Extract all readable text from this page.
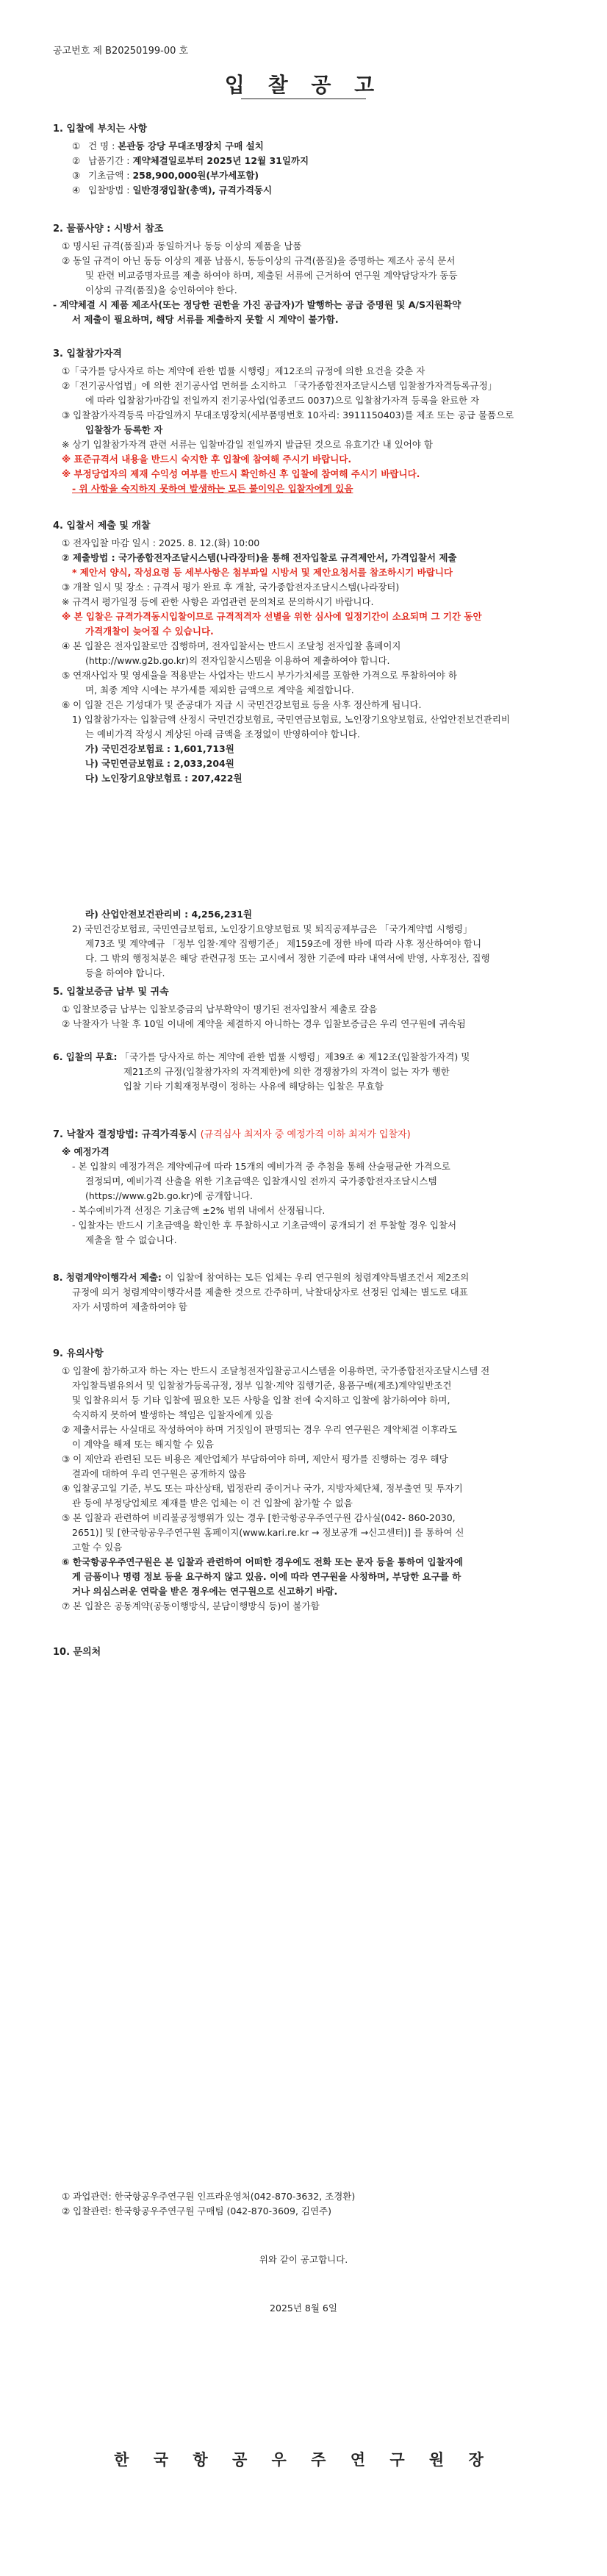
공고번호 제 B20250199-00 호
입 찰 공 고
1. 입찰에 부치는 사항
① 건 명 : 본관동 강당 무대조명장치 구매 설치
② 납품기간 : 계약체결일로부터 2025년 12월 31일까지
③ 기초금액 : 258,900,000원(부가세포함)
④ 입찰방법 : 일반경쟁입찰(총액), 규격가격동시
2. 물품사양 : 시방서 참조
① 명시된 규격(품질)과 동일하거나 동등 이상의 제품을 납품
② 동일 규격이 아닌 동등 이상의 제품 납품시, 동등이상의 규격(품질)을 증명하는 제조사 공식 문서
및 관련 비교증명자료를 제출 하여야 하며, 제출된 서류에 근거하여 연구원 계약담당자가 동등
이상의 규격(품질)을 승인하여야 한다.
- 계약체결 시 제품 제조사(또는 정당한 권한을 가진 공급자)가 발행하는 공급 증명원 및 A/S지원확약
서 제출이 필요하며, 해당 서류를 제출하지 못할 시 계약이 불가함.
3. 입찰참가자격
①「국가를 당사자로 하는 계약에 관한 법률 시행령」제12조의 규정에 의한 요건을 갖춘 자
②「전기공사업법」에 의한 전기공사업 면허를 소지하고 「국가종합전자조달시스템 입찰참가자격등록규정」
에 따라 입찰참가마감일 전일까지 전기공사업(업종코드 0037)으로 입찰참가자격 등록을 완료한 자
③ 입찰참가자격등록 마감일까지 무대조명장치(세부품명번호 10자리: 3911150403)를 제조 또는 공급 물품으로
입찰참가 등록한 자
※ 상기 입찰참가자격 관련 서류는 입찰마감일 전일까지 발급된 것으로 유효기간 내 있어야 함
※ 표준규격서 내용을 반드시 숙지한 후 입찰에 참여해 주시기 바랍니다.
※ 부정당업자의 제재 수익성 여부를 반드시 확인하신 후 입찰에 참여해 주시기 바랍니다.
- 위 사항을 숙지하지 못하여 발생하는 모든 불이익은 입찰자에게 있음
4. 입찰서 제출 및 개찰
① 전자입찰 마감 일시 : 2025. 8. 12.(화) 10:00
② 제출방법 : 국가종합전자조달시스템(나라장터)을 통해 전자입찰로 규격제안서, 가격입찰서 제출
* 제안서 양식, 작성요령 등 세부사항은 첨부파일 시방서 및 제안요청서를 참조하시기 바랍니다
③ 개찰 일시 및 장소 : 규격서 평가 완료 후 개찰, 국가종합전자조달시스템(나라장터)
※ 규격서 평가일정 등에 관한 사항은 과업관련 문의처로 문의하시기 바랍니다.
※ 본 입찰은 규격가격동시입찰이므로 규격적격자 선별을 위한 심사에 일정기간이 소요되며 그 기간 동안
가격개찰이 늦어질 수 있습니다.
④ 본 입찰은 전자입찰로만 집행하며, 전자입찰서는 반드시 조달청 전자입찰 홈페이지
(http://www.g2b.go.kr)의 전자입찰시스템을 이용하여 제출하여야 합니다.
⑤ 연재사업자 및 영세율을 적용받는 사업자는 반드시 부가가치세를 포함한 가격으로 투찰하여야 하
며, 최종 계약 시에는 부가세를 제외한 금액으로 계약을 체결합니다.
⑥ 이 입찰 건은 기성대가 및 준공대가 지급 시 국민건강보험료 등을 사후 정산하게 됩니다.
1) 입찰참가자는 입찰금액 산정시 국민건강보험료, 국민연금보험료, 노인장기요양보험료, 산업안전보건관리비
는 예비가격 작성시 계상된 아래 금액을 조정없이 반영하여야 합니다.
가) 국민건강보험료 : 1,601,713원
나) 국민연금보험료 : 2,033,204원
다) 노인장기요양보험료 : 207,422원
라) 산업안전보건관리비 : 4,256,231원
2) 국민건강보험료, 국민연금보험료, 노인장기요양보험료 및 퇴직공제부금은 「국가계약법 시행령」
제73조 및 계약예규 「정부 입찰·계약 집행기준」 제159조에 정한 바에 따라 사후 정산하여야 합니
다. 그 밖의 행정처분은 해당 관련규정 또는 고시에서 정한 기준에 따라 내역서에 반영, 사후정산, 집행
등을 하여야 합니다.
5. 입찰보증금 납부 및 귀속
① 입찰보증금 납부는 입찰보증금의 납부확약이 명기된 전자입찰서 제출로 갈음
② 낙찰자가 낙찰 후 10일 이내에 계약을 체결하지 아니하는 경우 입찰보증금은 우리 연구원에 귀속됨
6. 입찰의 무효: 「국가를 당사자로 하는 계약에 관한 법률 시행령」제39조 ④ 제12조(입찰참가자격) 및
제21조의 규정(입찰참가자의 자격제한)에 의한 경쟁참가의 자격이 없는 자가 행한
입찰 기타 기획재정부령이 정하는 사유에 해당하는 입찰은 무효함
7. 낙찰자 결정방법: 규격가격동시 (규격심사 최저자 중 예정가격 이하 최저가 입찰자)
※ 예정가격
- 본 입찰의 예정가격은 계약예규에 따라 15개의 예비가격 중 추첨을 통해 산술평균한 가격으로
결정되며, 예비가격 산출을 위한 기초금액은 입찰개시일 전까지 국가종합전자조달시스템
(https://www.g2b.go.kr)에 공개합니다.
- 복수예비가격 선정은 기초금액 ±2% 범위 내에서 산정됩니다.
- 입찰자는 반드시 기초금액을 확인한 후 투찰하시고 기초금액이 공개되기 전 투찰할 경우 입찰서
제출을 할 수 없습니다.
8. 청렴계약이행각서 제출: 이 입찰에 참여하는 모든 업체는 우리 연구원의 청렴계약특별조건서 제2조의
규정에 의거 청렴계약이행각서를 제출한 것으로 간주하며, 낙찰대상자로 선정된 업체는 별도로 대표
자가 서명하여 제출하여야 함
9. 유의사항
① 입찰에 참가하고자 하는 자는 반드시 조달청전자입찰공고시스템을 이용하면, 국가종합전자조달시스템 전
자입찰특별유의서 및 입찰참가등록규정, 정부 입찰·계약 집행기준, 용품구매(제조)계약일반조건
및 입찰유의서 등 기타 입찰에 필요한 모든 사항을 입찰 전에 숙지하고 입찰에 참가하여야 하며,
숙지하지 못하여 발생하는 책임은 입찰자에게 있음
② 제출서류는 사실대로 작성하여야 하며 거짓임이 판명되는 경우 우리 연구원은 계약체결 이후라도
이 계약을 해제 또는 해지할 수 있음
③ 이 제안과 관련된 모든 비용은 제안업체가 부담하여야 하며, 제안서 평가를 진행하는 경우 해당
결과에 대하여 우리 연구원은 공개하지 않음
④ 입찰공고일 기준, 부도 또는 파산상태, 법정관리 중이거나 국가, 지방자체단체, 정부출연 및 투자기
관 등에 부정당업체로 제재를 받은 업체는 이 건 입찰에 참가할 수 없음
⑤ 본 입찰과 관련하여 비리불공정행위가 있는 경우 [한국항공우주연구원 감사실(042- 860-2030,
2651)] 및 [한국항공우주연구원 홈페이지(www.kari.re.kr → 정보공개 →신고센터)] 를 통하여 신
고할 수 있음
⑥ 한국항공우주연구원은 본 입찰과 관련하여 어떠한 경우에도 전화 또는 문자 등을 통하여 입찰자에
게 금품이나 명령 정보 등을 요구하지 않고 있음. 이에 따라 연구원을 사칭하며, 부당한 요구를 하
거나 의심스러운 연락을 받은 경우에는 연구원으로 신고하기 바람.
⑦ 본 입찰은 공동계약(공동이행방식, 분담이행방식 등)이 불가함
10. 문의처
① 과업관련: 한국항공우주연구원 인프라운영처(042-870-3632, 조경환)
② 입찰관련: 한국항공우주연구원 구매팀 (042-870-3609, 김연주)
위와 같이 공고합니다.
2025년 8월 6일
한 국 항 공 우 주 연 구 원 장
